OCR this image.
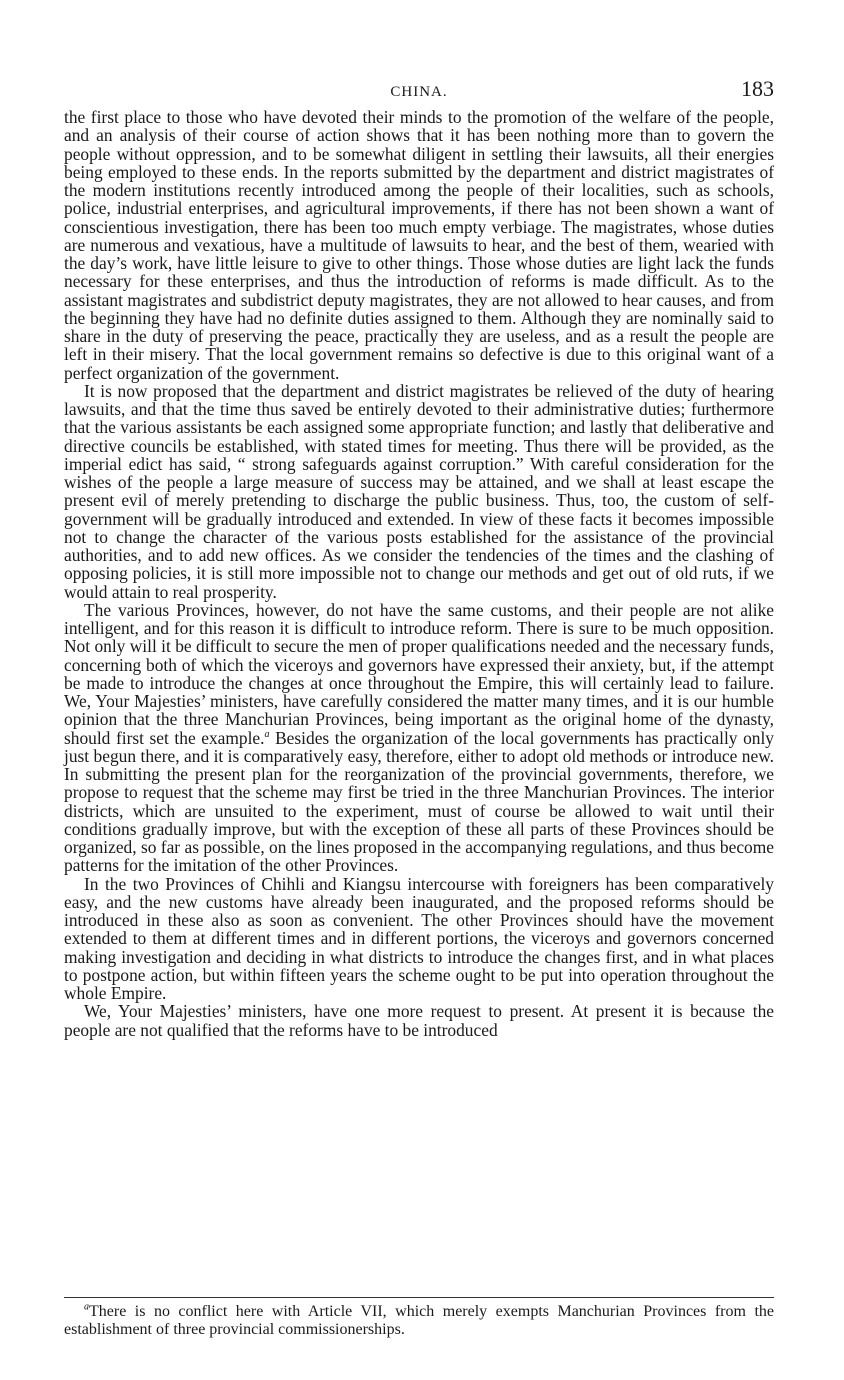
CHINA.	183

the first place to those who have devoted their minds to the promotion of the welfare of the people, and an analysis of their course of action shows that it has been nothing more than to govern the people without oppression, and to be somewhat diligent in settling their lawsuits, all their energies being employed to these ends. In the reports submitted by the department and district magistrates of the modern institutions recently introduced among the people of their localities, such as schools, police, industrial enterprises, and agricultural improvements, if there has not been shown a want of conscientious investigation, there has been too much empty verbiage. The magistrates, whose duties are numerous and vexatious, have a multitude of lawsuits to hear, and the best of them, wearied with the day’s work, have little leisure to give to other things. Those whose duties are light lack the funds necessary for these enterprises, and thus the introduction of reforms is made difficult. As to the assistant magistrates and subdistrict deputy magistrates, they are not allowed to hear causes, and from the beginning they have had no definite duties assigned to them. Although they are nominally said to share in the duty of preserving the peace, practically they are useless, and as a result the people are left in their misery. That the local government remains so defective is due to this original want of a perfect organization of the government.

It is now proposed that the department and district magistrates be relieved of the duty of hearing lawsuits, and that the time thus saved be entirely devoted to their administrative duties; furthermore that the various assistants be each assigned some appropriate function; and lastly that deliberative and directive councils be established, with stated times for meeting. Thus there will be provided, as the imperial edict has said, “ strong safeguards against corruption.” With careful consideration for the wishes of the people a large measure of success may be attained, and we shall at least escape the present evil of merely pretending to discharge the public business. Thus, too, the custom of self-government will be gradually introduced and extended. In view of these facts it becomes impossible not to change the character of the various posts established for the assistance of the provincial authorities, and to add new offices. As we consider the tendencies of the times and the clashing of opposing policies, it is still more impossible not to change our methods and get out of old ruts, if we would attain to real prosperity.

The various Provinces, however, do not have the same customs, and their people are not alike intelligent, and for this reason it is difficult to introduce reform. There is sure to be much opposition. Not only will it be difficult to secure the men of proper qualifications needed and the necessary funds, concerning both of which the viceroys and governors have expressed their anxiety, but, if the attempt be made to introduce the changes at once throughout the Empire, this will certainly lead to failure. We, Your Majesties’ ministers, have carefully considered the matter many times, and it is our humble opinion that the three Manchurian Provinces, being important as the original home of the dynasty, should first set the example.$^a$ Besides the organization of the local governments has practically only just begun there, and it is comparatively easy, therefore, either to adopt old methods or introduce new. In submitting the present plan for the reorganization of the provincial governments, therefore, we propose to request that the scheme may first be tried in the three Manchurian Provinces. The interior districts, which are unsuited to the experiment, must of course be allowed to wait until their conditions gradually improve, but with the exception of these all parts of these Provinces should be organized, so far as possible, on the lines proposed in the accompanying regulations, and thus become patterns for the imitation of the other Provinces.

In the two Provinces of Chihli and Kiangsu intercourse with foreigners has been comparatively easy, and the new customs have already been inaugurated, and the proposed reforms should be introduced in these also as soon as convenient. The other Provinces should have the movement extended to them at different times and in different portions, the viceroys and governors concerned making investigation and deciding in what districts to introduce the changes first, and in what places to postpone action, but within fifteen years the scheme ought to be put into operation throughout the whole Empire.

We, Your Majesties’ ministers, have one more request to present. At present it is because the people are not qualified that the reforms have to be introduced

$^a$There is no conflict here with Article VII, which merely exempts Manchurian Provinces from the establishment of three provincial commissionerships.
